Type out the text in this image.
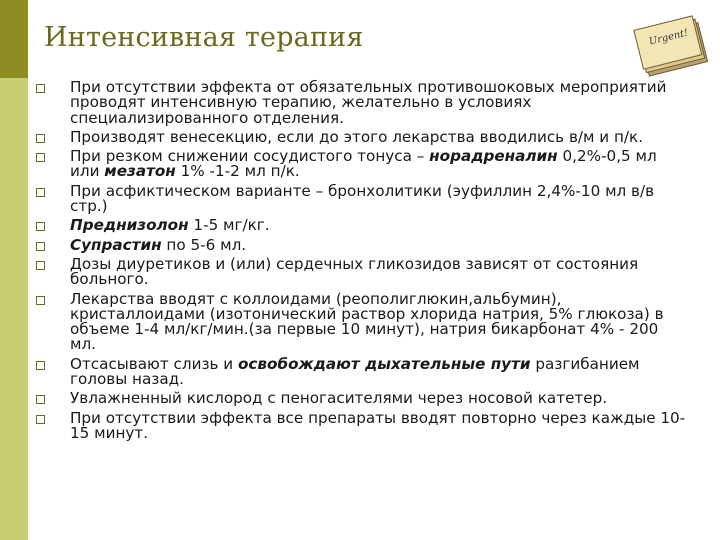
Интенсивная терапия	Urgent!
При отсутствии эффекта от обязательных противошоковых мероприятий проводят интенсивную терапию, желательно в условиях специализированного отделения.
Производят венесекцию, если до этого лекарства вводились в/м и п/к.
При резком снижении сосудистого тонуса – норадреналин 0,2%-0,5 мл или мезатон 1% -1-2 мл п/к.
При асфиктическом варианте – бронхолитики (эуфиллин 2,4%-10 мл в/в стр.)
Преднизолон 1-5 мг/кг.
Супрастин по 5-6 мл.
Дозы диуретиков и (или) сердечных гликозидов зависят от состояния больного.
Лекарства вводят с коллоидами (реополиглюкин,альбумин), кристаллоидами (изотонический раствор хлорида натрия, 5% глюкоза) в объеме 1-4 мл/кг/мин.(за первые 10 минут), натрия бикарбонат 4% - 200 мл.
Отсасывают слизь и освобождают дыхательные пути разгибанием головы назад.
Увлажненный кислород с пеногасителями через носовой катетер.
При отсутствии эффекта все препараты вводят повторно через каждые 10-15 минут.
